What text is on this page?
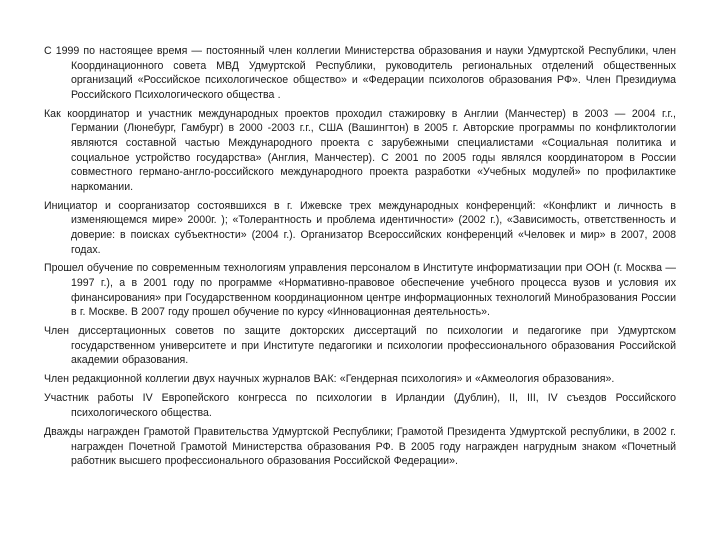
С 1999 по настоящее время — постоянный член коллегии Министерства образования и науки Удмуртской Республики, член Координационного совета МВД Удмуртской Республики, руководитель региональных отделений общественных организаций «Российское психологическое общество» и «Федерации психологов образования РФ». Член Президиума Российского Психологического общества .

Как координатор и участник международных проектов проходил стажировку в Англии (Манчестер) в 2003 — 2004 г.г., Германии (Люнебург, Гамбург) в 2000 -2003 г.г., США (Вашингтон) в 2005 г. Авторские программы по конфликтологии являются составной частью Международного проекта с зарубежными специалистами «Социальная политика и социальное устройство государства» (Англия, Манчестер). С 2001 по 2005 годы являлся координатором в России совместного германо-англо-российского международного проекта разработки «Учебных модулей» по профилактике наркомании.

Инициатор и соорганизатор состоявшихся в г. Ижевске трех международных конференций: «Конфликт и личность в изменяющемся мире» 2000г. ); «Толерантность и проблема идентичности» (2002 г.), «Зависимость, ответственность и доверие: в поисках субъектности» (2004 г.). Организатор Всероссийских конференций «Человек и мир» в 2007, 2008 годах.

Прошел обучение по современным технологиям управления персоналом в Институте информатизации при ООН (г. Москва — 1997 г.), а в 2001 году по программе «Нормативно-правовое обеспечение учебного процесса вузов и условия их финансирования» при Государственном координационном центре информационных технологий Минобразования России в г. Москве. В 2007 году прошел обучение по курсу «Инновационная деятельность».

Член диссертационных советов по защите докторских диссертаций по психологии и педагогике при Удмуртском государственном университете и при Институте педагогики и психологии профессионального образования Российской академии образования.

Член редакционной коллегии двух научных журналов ВАК: «Гендерная психология» и «Акмеология образования».

Участник работы IV Европейского конгресса по психологии в Ирландии (Дублин), II, III, IV съездов Российского психологического общества.

Дважды награжден Грамотой Правительства Удмуртской Республики; Грамотой Президента Удмуртской республики, в 2002 г. награжден Почетной Грамотой Министерства образования РФ. В 2005 году награжден нагрудным знаком «Почетный работник высшего профессионального образования Российской Федерации».
